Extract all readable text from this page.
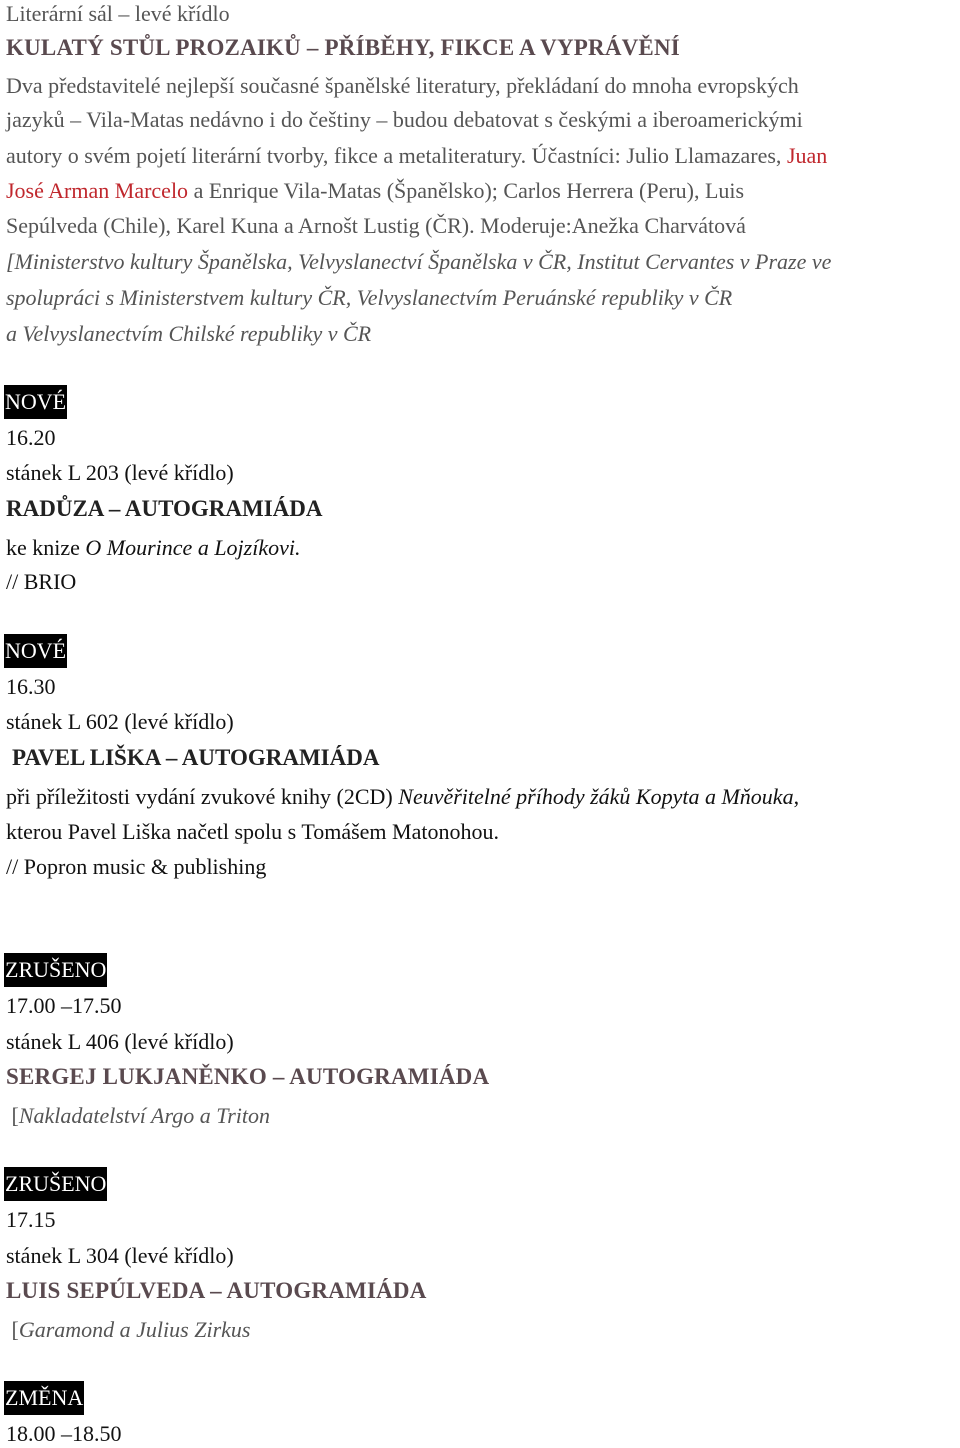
Literární sál – levé křídlo

KULATÝ STŮL PROZAIKŮ – PŘÍBĚHY, FIKCE A VYPRÁVĚNÍ

Dva představitelé nejlepší současné španělské literatury, překládaní do mnoha evropských

jazyků – Vila-Matas nedávno i do češtiny – budou debatovat s českými a iberoamerickými

autory o svém pojetí literární tvorby, fikce a metaliteratury. Účastníci: Julio Llamazares, Juan

José Arman Marcelo a Enrique Vila-Matas (Španělsko); Carlos Herrera (Peru), Luis

Sepúlveda (Chile), Karel Kuna a Arnošt Lustig (ČR). Moderuje:Anežka Charvátová

[Ministerstvo kultury Španělska, Velvyslanectví Španělska v ČR, Institut Cervantes v Praze ve

spolupráci s Ministerstvem kultury ČR, Velvyslanectvím Peruánské republiky v ČR

a Velvyslanectvím Chilské republiky v ČR

NOVÉ

16.20

stánek L 203 (levé křídlo)

RADŮZA – AUTOGRAMIÁDA

ke knize O Mourince a Lojzíkovi.

// BRIO

NOVÉ

16.30

stánek L 602 (levé křídlo)

PAVEL LIŠKA – AUTOGRAMIÁDA

při příležitosti vydání zvukové knihy (2CD) Neuvěřitelné příhody žáků Kopyta a Mňouka,

kterou Pavel Liška načetl spolu s Tomášem Matonohou.

// Popron music & publishing

ZRUŠENO

17.00 –17.50

stánek L 406 (levé křídlo)

SERGEJ LUKJANĚNKO – AUTOGRAMIÁDA

[Nakladatelství Argo a Triton

ZRUŠENO

17.15

stánek L 304 (levé křídlo)

LUIS SEPÚLVEDA – AUTOGRAMIÁDA

[Garamond a Julius Zirkus

ZMĚNA

18.00 –18.50
